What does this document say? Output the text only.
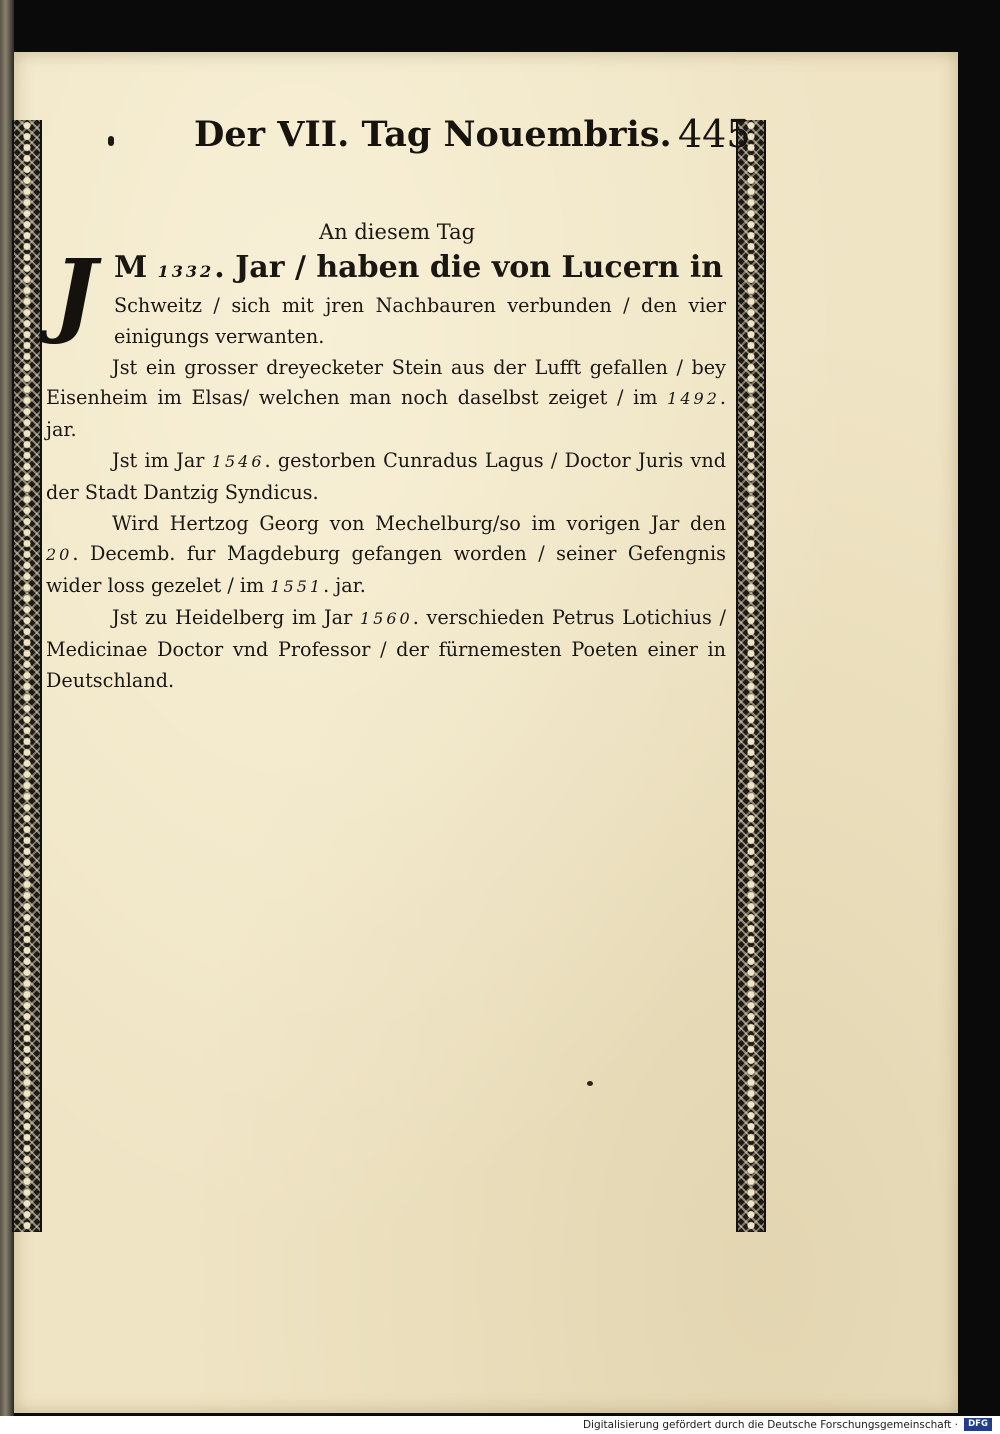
Der VII. Tag Nouembris. 445
An diesem Tag
J M 1332. Jar / haben die von Lucern in
Schweitz / sich mit jren Nachbauren verbunden / den vier einigungs verwanten.

Jst ein grosser dreyecketer Stein aus der Lufft gefallen / bey Eisenheim im Elsas/ welchen man noch daselbst zeiget / im 1492. jar.

Jst im Jar 1546. gestorben Cunradus Lagus / Doctor Juris vnd der Stadt Dantzig Syndicus.

Wird Hertzog Georg von Mechelburg/so im vorigen Jar den 20. Decemb. fur Magdeburg gefangen worden / seiner Gefengnis wider loss gezelet / im 1551. jar.

Jst zu Heidelberg im Jar 1560. verschieden Petrus Lotichius / Medicinae Doctor vnd Professor / der fürnemesten Poeten einer in Deutschland.

Digitalisierung gefördert durch die Deutsche Forschungsgemeinschaft ·	DFG
